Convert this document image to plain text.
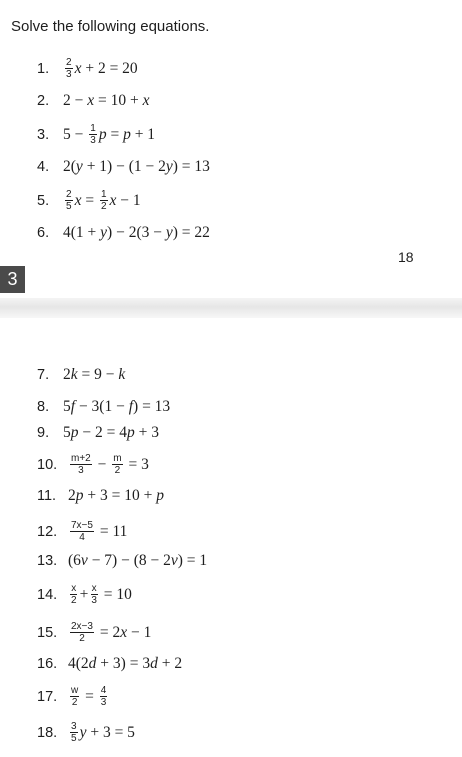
Solve the following equations.
1. $\frac{2}{3}$ x + 2 = 20
2. 2 − x = 10 + x
3. $5 - \frac{1}{3}$ p = p + 1
4. 2(y + 1) − (1 − 2y) = 13
5. $\frac{2}{5}$ $x = \frac{1}{2}$ x − 1
6. 4(1 + y) − 2(3 − y) = 22
7. 2k = 9 − k
8. 5f − 3(1 − f) = 13
9. 5p − 2 = 4p + 3
10. $\frac{m+2}{3} - \frac{m}{2} = 3$
11. 2p + 3 = 10 + p
12. $\frac{7x-5}{4} = 11$
13. (6v − 7) − (8 − 2v) = 1
14. $\frac{x}{2} + \frac{x}{3} = 10$
15. $\frac{2x-3}{2} = 2x - 1$
16. 4(2d + 3) = 3d + 2
17. $\frac{w}{2} = \frac{4}{3}$
18. $\frac{3}{5}$ y + 3 = 5
18
3
